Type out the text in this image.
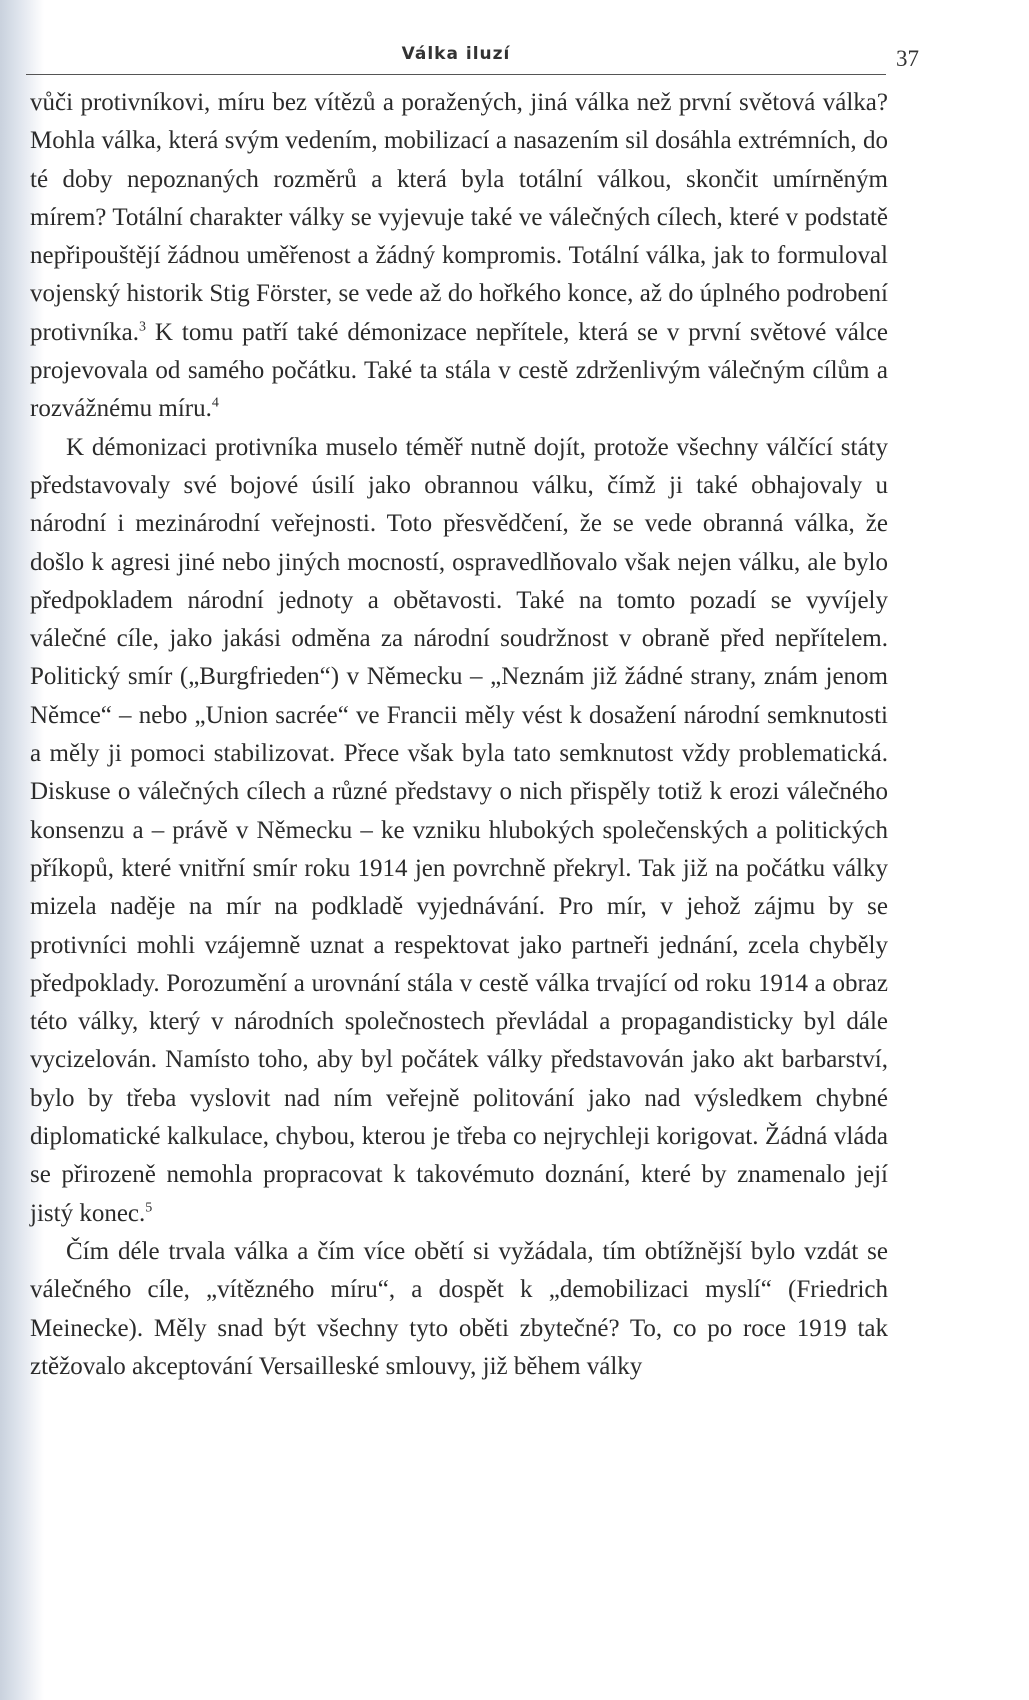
Válka iluzí	37

vůči protivníkovi, míru bez vítězů a poražených, jiná válka než první světová válka? Mohla válka, která svým vedením, mobilizací a nasazením sil dosáhla extrémních, do té doby nepoznaných rozměrů a která byla totální válkou, skončit umírněným mírem? Totální charakter války se vyjevuje také ve válečných cílech, které v podstatě nepřipouštějí žádnou uměřenost a žádný kompromis. Totální válka, jak to formuloval vojenský historik Stig Förster, se vede až do hořkého konce, až do úplného podrobení protivníka.$^3$ K tomu patří také démonizace nepřítele, která se v první světové válce projevovala od samého počátku. Také ta stála v cestě zdrženlivým válečným cílům a rozvážnému míru.$^4$

K démonizaci protivníka muselo téměř nutně dojít, protože všechny válčící státy představovaly své bojové úsilí jako obrannou válku, čímž ji také obhajovaly u národní i mezinárodní veřejnosti. Toto přesvědčení, že se vede obranná válka, že došlo k agresi jiné nebo jiných mocností, ospravedlňovalo však nejen válku, ale bylo předpokladem národní jednoty a obětavosti. Také na tomto pozadí se vyvíjely válečné cíle, jako jakási odměna za národní soudržnost v obraně před nepřítelem. Politický smír („Burgfrieden“) v Německu – „Neznám již žádné strany, znám jenom Němce“ – nebo „Union sacrée“ ve Francii měly vést k dosažení národní semknutosti a měly ji pomoci stabilizovat. Přece však byla tato semknutost vždy problematická. Diskuse o válečných cílech a různé představy o nich přispěly totiž k erozi válečného konsenzu a – právě v Německu – ke vzniku hlubokých společenských a politických příkopů, které vnitřní smír roku 1914 jen povrchně překryl. Tak již na počátku války mizela naděje na mír na podkladě vyjednávání. Pro mír, v jehož zájmu by se protivníci mohli vzájemně uznat a respektovat jako partneři jednání, zcela chyběly předpoklady. Porozumění a urovnání stála v cestě válka trvající od roku 1914 a obraz této války, který v národních společnostech převládal a propagandisticky byl dále vycizelován. Namísto toho, aby byl počátek války představován jako akt barbarství, bylo by třeba vyslovit nad ním veřejně politování jako nad výsledkem chybné diplomatické kalkulace, chybou, kterou je třeba co nejrychleji korigovat. Žádná vláda se přirozeně nemohla propracovat k takovémuto doznání, které by znamenalo její jistý konec.$^5$

Čím déle trvala válka a čím více obětí si vyžádala, tím obtížnější bylo vzdát se válečného cíle, „vítězného míru“, a dospět k „demobilizaci myslí“ (Friedrich Meinecke). Měly snad být všechny tyto oběti zbytečné? To, co po roce 1919 tak ztěžovalo akceptování Versailleské smlouvy, již během války
